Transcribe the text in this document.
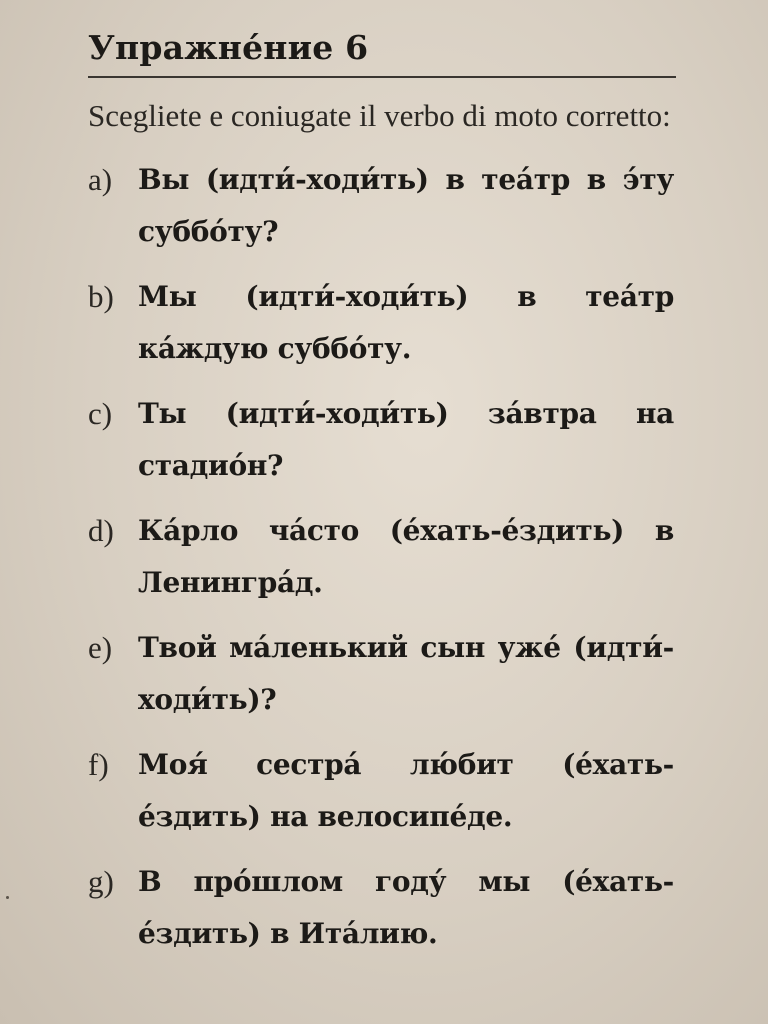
Упражне́ние 6
Scegliete e coniugate il verbo di moto corretto:
a) Вы (идти́-ходи́ть) в теа́тр в э́ту суббо́ту?
b) Мы (идти́-ходи́ть) в теа́тр ка́ждую суббо́ту.
c) Ты (идти́-ходи́ть) за́втра на стадио́н?
d) Ка́рло ча́сто (е́хать-е́здить) в Ленингра́д.
e) Твой ма́ленький сын уже́ (идти́-ходи́ть)?
f)	Моя́ сестра́ лю́бит (е́хать-е́здить) на велосипе́де.
g) В про́шлом году́ мы (е́хать-е́здить) в Ита́лию.
